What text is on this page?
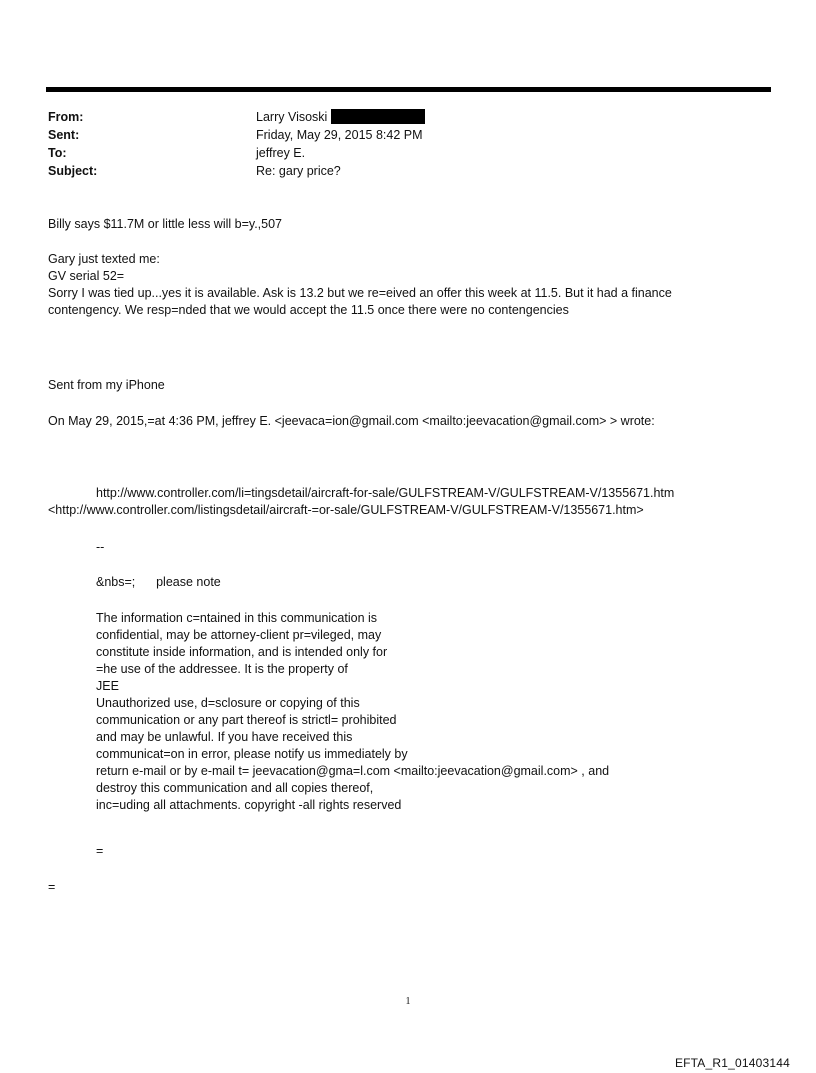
From:	Larry Visoski
Sent:	Friday, May 29, 2015 8:42 PM
To:	jeffrey E.
Subject:	Re: gary price?
Billy says $11.7M or little less will b=y.,507
Gary just texted me:
GV serial 52=
Sorry I was tied up...yes it is available. Ask is 13.2 but we re=eived an offer this week at 11.5. But it had a finance
contengency. We resp=nded that we would accept the 11.5 once there were no contengencies
Sent from my iPhone
On May 29, 2015,=at 4:36 PM, jeffrey E. <jeevaca=ion@gmail.com <mailto:jeevacation@gmail.com> > wrote:
http://www.controller.com/li=tingsdetail/aircraft-for-sale/GULFSTREAM-V/GULFSTREAM-V/1355671.htm
<http://www.controller.com/listingsdetail/aircraft-=or-sale/GULFSTREAM-V/GULFSTREAM-V/1355671.htm>
--
&nbs=;      please note
The information c=ntained in this communication is
confidential, may be attorney-client pr=vileged, may
constitute inside information, and is intended only for
=he use of the addressee. It is the property of
JEE
Unauthorized use, d=sclosure or copying of this
communication or any part thereof is strictl= prohibited
and may be unlawful. If you have received this
communicat=on in error, please notify us immediately by
return e-mail or by e-mail t= jeevacation@gma=l.com <mailto:jeevacation@gmail.com> , and
destroy this communication and all copies thereof,
inc=uding all attachments. copyright -all rights reserved
=
=
1
EFTA_R1_01403144
